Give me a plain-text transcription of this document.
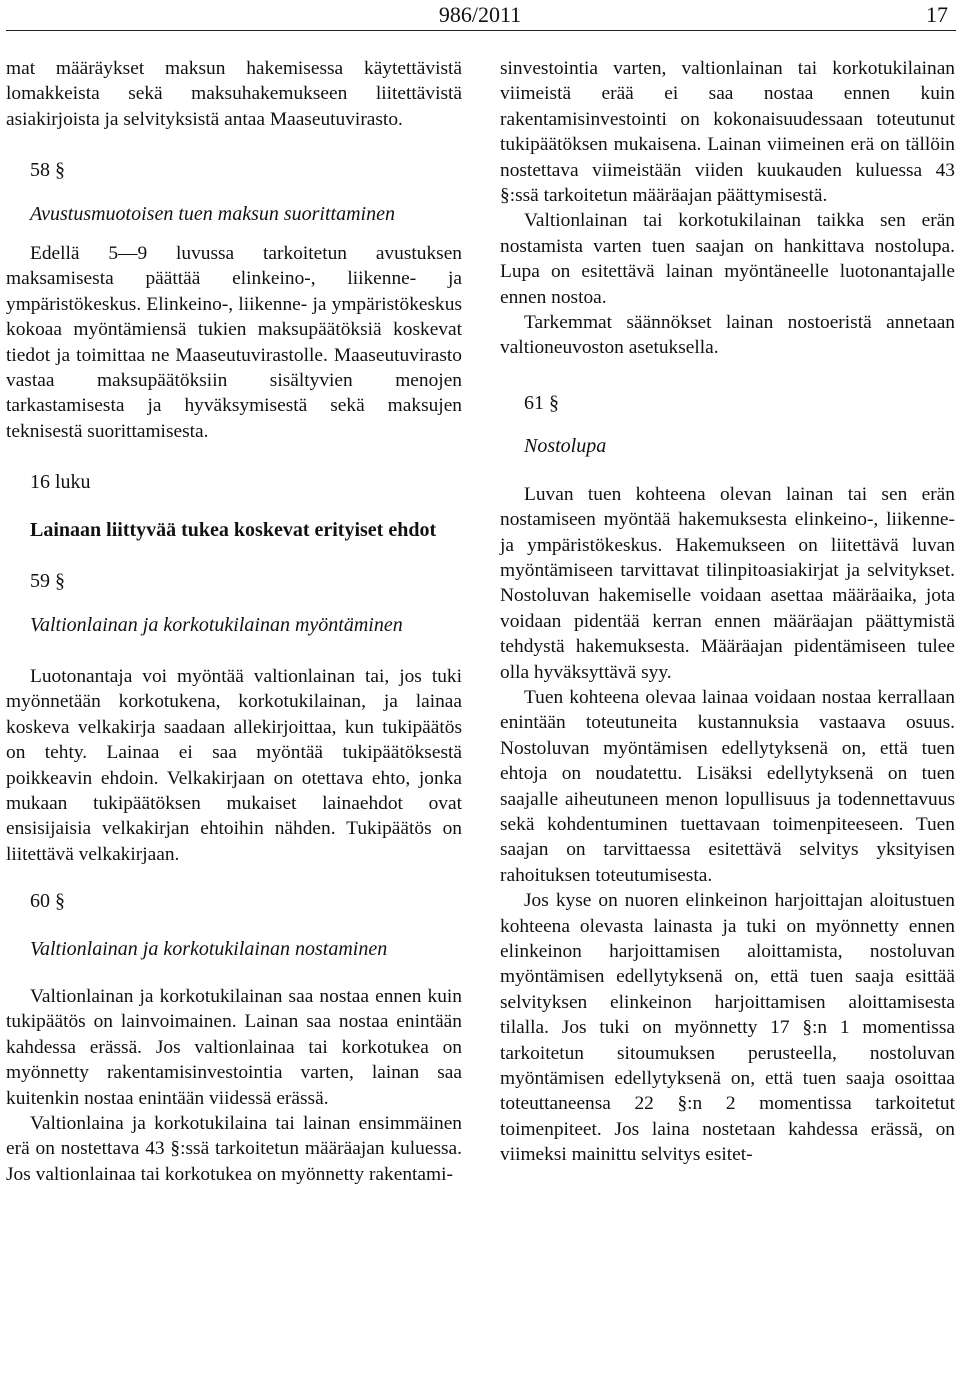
986/2011	17

mat määräykset maksun hakemisessa käytettävistä lomakkeista sekä maksuhakemukseen liitettävistä asiakirjoista ja selvityksistä antaa Maaseutuvirasto.

58 §

Avustusmuotoisen tuen maksun suorittaminen

Edellä 5—9 luvussa tarkoitetun avustuksen maksamisesta päättää elinkeino-, liikenne- ja ympäristökeskus. Elinkeino-, liikenne- ja ympäristökeskus kokoaa myöntämiensä tukien maksupäätöksiä koskevat tiedot ja toimittaa ne Maaseutuvirastolle. Maaseutuvirasto vastaa maksupäätöksiin sisältyvien menojen tarkastamisesta ja hyväksymisestä sekä maksujen teknisestä suorittamisesta.

16 luku

Lainaan liittyvää tukea koskevat erityiset ehdot

59 §

Valtionlainan ja korkotukilainan myöntäminen

Luotonantaja voi myöntää valtionlainan tai, jos tuki myönnetään korkotukena, korkotukilainan, ja lainaa koskeva velkakirja saadaan allekirjoittaa, kun tukipäätös on tehty. Lainaa ei saa myöntää tukipäätöksestä poikkeavin ehdoin. Velkakirjaan on otettava ehto, jonka mukaan tukipäätöksen mukaiset lainaehdot ovat ensisijaisia velkakirjan ehtoihin nähden. Tukipäätös on liitettävä velkakirjaan.

60 §

Valtionlainan ja korkotukilainan nostaminen

Valtionlainan ja korkotukilainan saa nostaa ennen kuin tukipäätös on lainvoimainen. Lainan saa nostaa enintään kahdessa erässä. Jos valtionlainaa tai korkotukea on myönnetty rakentamisinvestointia varten, lainan saa kuitenkin nostaa enintään viidessä erässä.

Valtionlaina ja korkotukilaina tai lainan ensimmäinen erä on nostettava 43 §:ssä tarkoitetun määräajan kuluessa. Jos valtionlainaa tai korkotukea on myönnetty rakentami-

sinvestointia varten, valtionlainan tai korkotukilainan viimeistä erää ei saa nostaa ennen kuin rakentamisinvestointi on kokonaisuudessaan toteutunut tukipäätöksen mukaisena. Lainan viimeinen erä on tällöin nostettava viimeistään viiden kuukauden kuluessa 43 §:ssä tarkoitetun määräajan päättymisestä.

Valtionlainan tai korkotukilainan taikka sen erän nostamista varten tuen saajan on hankittava nostolupa. Lupa on esitettävä lainan myöntäneelle luotonantajalle ennen nostoa.

Tarkemmat säännökset lainan nostoeristä annetaan valtioneuvoston asetuksella.

61 §

Nostolupa

Luvan tuen kohteena olevan lainan tai sen erän nostamiseen myöntää hakemuksesta elinkeino-, liikenne- ja ympäristökeskus. Hakemukseen on liitettävä luvan myöntämiseen tarvittavat tilinpitoasiakirjat ja selvitykset. Nostoluvan hakemiselle voidaan asettaa määräaika, jota voidaan pidentää kerran ennen määräajan päättymistä tehdystä hakemuksesta. Määräajan pidentämiseen tulee olla hyväksyttävä syy.

Tuen kohteena olevaa lainaa voidaan nostaa kerrallaan enintään toteutuneita kustannuksia vastaava osuus. Nostoluvan myöntämisen edellytyksenä on, että tuen ehtoja on noudatettu. Lisäksi edellytyksenä on tuen saajalle aiheutuneen menon lopullisuus ja todennettavuus sekä kohdentuminen tuettavaan toimenpiteeseen. Tuen saajan on tarvittaessa esitettävä selvitys yksityisen rahoituksen toteutumisesta.

Jos kyse on nuoren elinkeinon harjoittajan aloitustuen kohteena olevasta lainasta ja tuki on myönnetty ennen elinkeinon harjoittamisen aloittamista, nostoluvan myöntämisen edellytyksenä on, että tuen saaja esittää selvityksen elinkeinon harjoittamisen aloittamisesta tilalla. Jos tuki on myönnetty 17 §:n 1 momentissa tarkoitetun sitoumuksen perusteella, nostoluvan myöntämisen edellytyksenä on, että tuen saaja osoittaa toteuttaneensa 22 §:n 2 momentissa tarkoitetut toimenpiteet. Jos laina nostetaan kahdessa erässä, on viimeksi mainittu selvitys esitet-
